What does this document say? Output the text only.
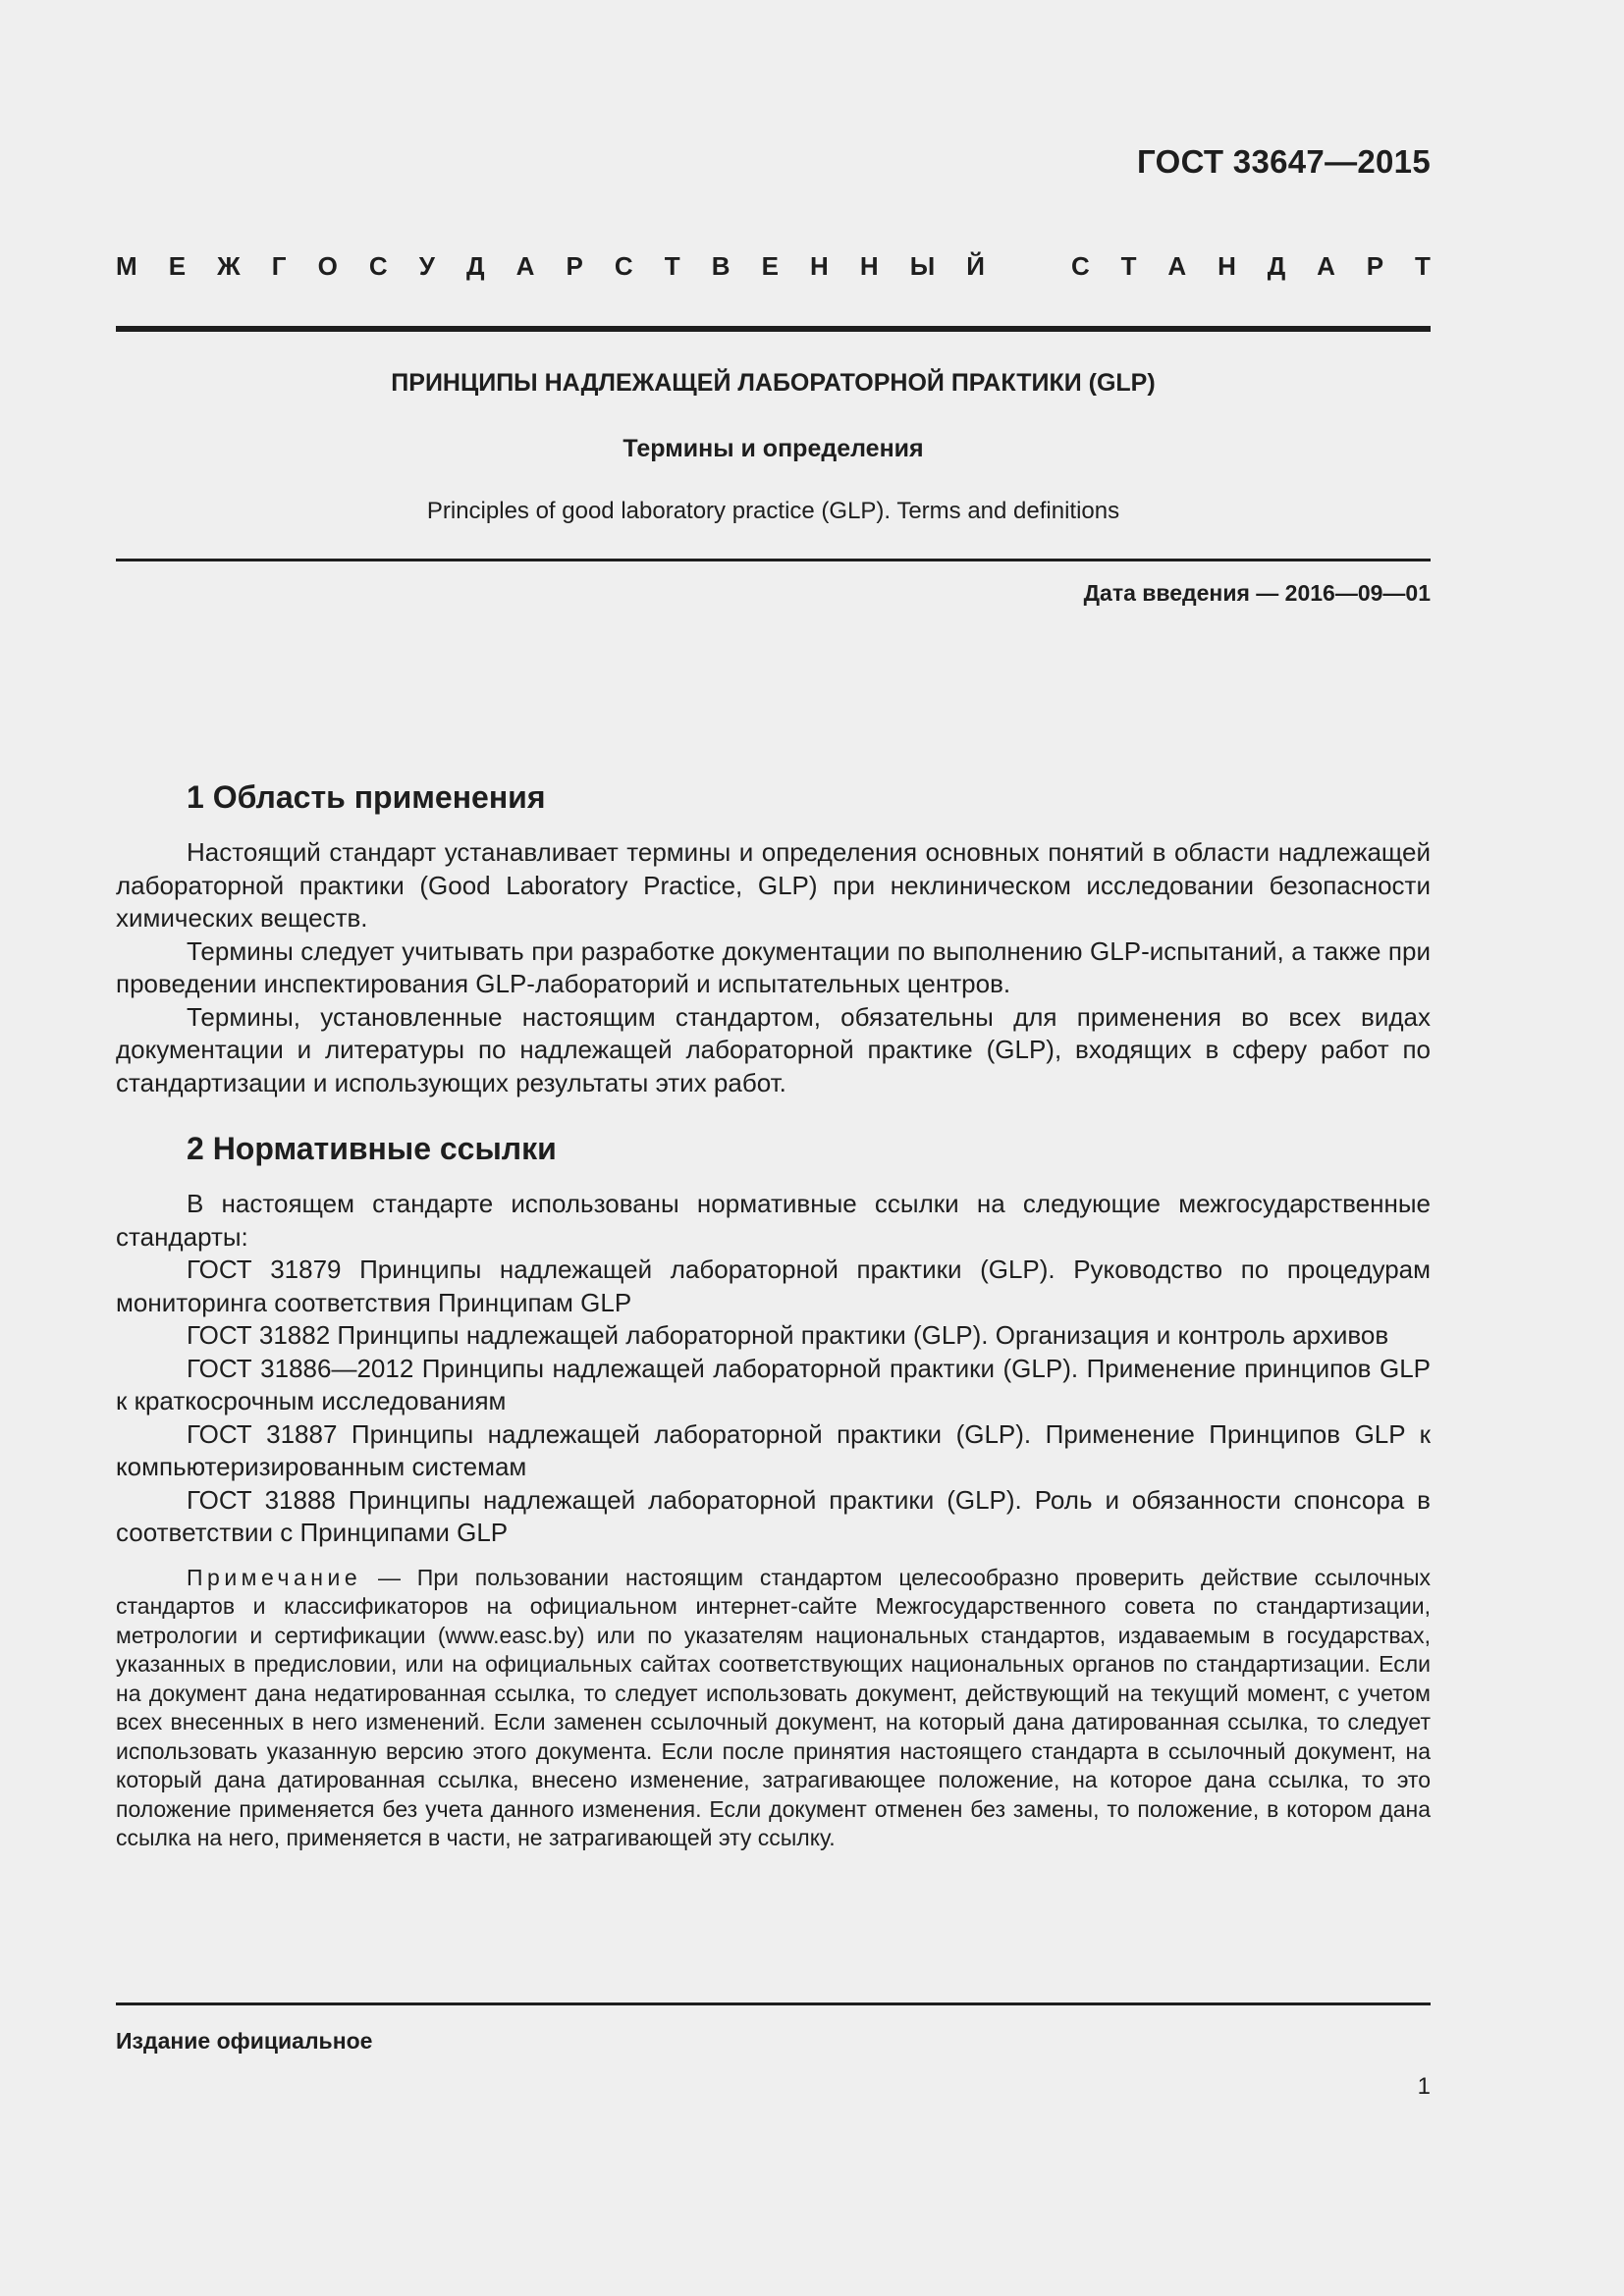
ГОСТ 33647—2015
М Е Ж Г О С У Д А Р С Т В Е Н Н Ы Й	С Т А Н Д А Р Т
ПРИНЦИПЫ НАДЛЕЖАЩЕЙ ЛАБОРАТОРНОЙ ПРАКТИКИ (GLP)
Термины и определения
Principles of good laboratory practice (GLP). Terms and definitions
Дата введения — 2016—09—01
1 Область применения

Настоящий стандарт устанавливает термины и определения основных понятий в области надлежащей лабораторной практики (Good Laboratory Practice, GLP) при неклиническом исследовании безопасности химических веществ.

Термины следует учитывать при разработке документации по выполнению GLP-испытаний, а также при проведении инспектирования GLP-лабораторий и испытательных центров.

Термины, установленные настоящим стандартом, обязательны для применения во всех видах документации и литературы по надлежащей лабораторной практике (GLP), входящих в сферу работ по стандартизации и использующих результаты этих работ.

2 Нормативные ссылки

В настоящем стандарте использованы нормативные ссылки на следующие межгосударственные стандарты:

ГОСТ 31879 Принципы надлежащей лабораторной практики (GLP). Руководство по процедурам мониторинга соответствия Принципам GLP

ГОСТ 31882 Принципы надлежащей лабораторной практики (GLP). Организация и контроль архивов

ГОСТ 31886—2012 Принципы надлежащей лабораторной практики (GLP). Применение принципов GLP к краткосрочным исследованиям

ГОСТ 31887 Принципы надлежащей лабораторной практики (GLP). Применение Принципов GLP к компьютеризированным системам

ГОСТ 31888 Принципы надлежащей лабораторной практики (GLP). Роль и обязанности спонсора в соответствии с Принципами GLP

Примечание — При пользовании настоящим стандартом целесообразно проверить действие ссылочных стандартов и классификаторов на официальном интернет-сайте Межгосударственного совета по стандартизации, метрологии и сертификации (www.easc.by) или по указателям национальных стандартов, издаваемым в государствах, указанных в предисловии, или на официальных сайтах соответствующих национальных органов по стандартизации. Если на документ дана недатированная ссылка, то следует использовать документ, действующий на текущий момент, с учетом всех внесенных в него изменений. Если заменен ссылочный документ, на который дана датированная ссылка, то следует использовать указанную версию этого документа. Если после принятия настоящего стандарта в ссылочный документ, на который дана датированная ссылка, внесено изменение, затрагивающее положение, на которое дана ссылка, то это положение применяется без учета данного изменения. Если документ отменен без замены, то положение, в котором дана ссылка на него, применяется в части, не затрагивающей эту ссылку.
Издание официальное
1
